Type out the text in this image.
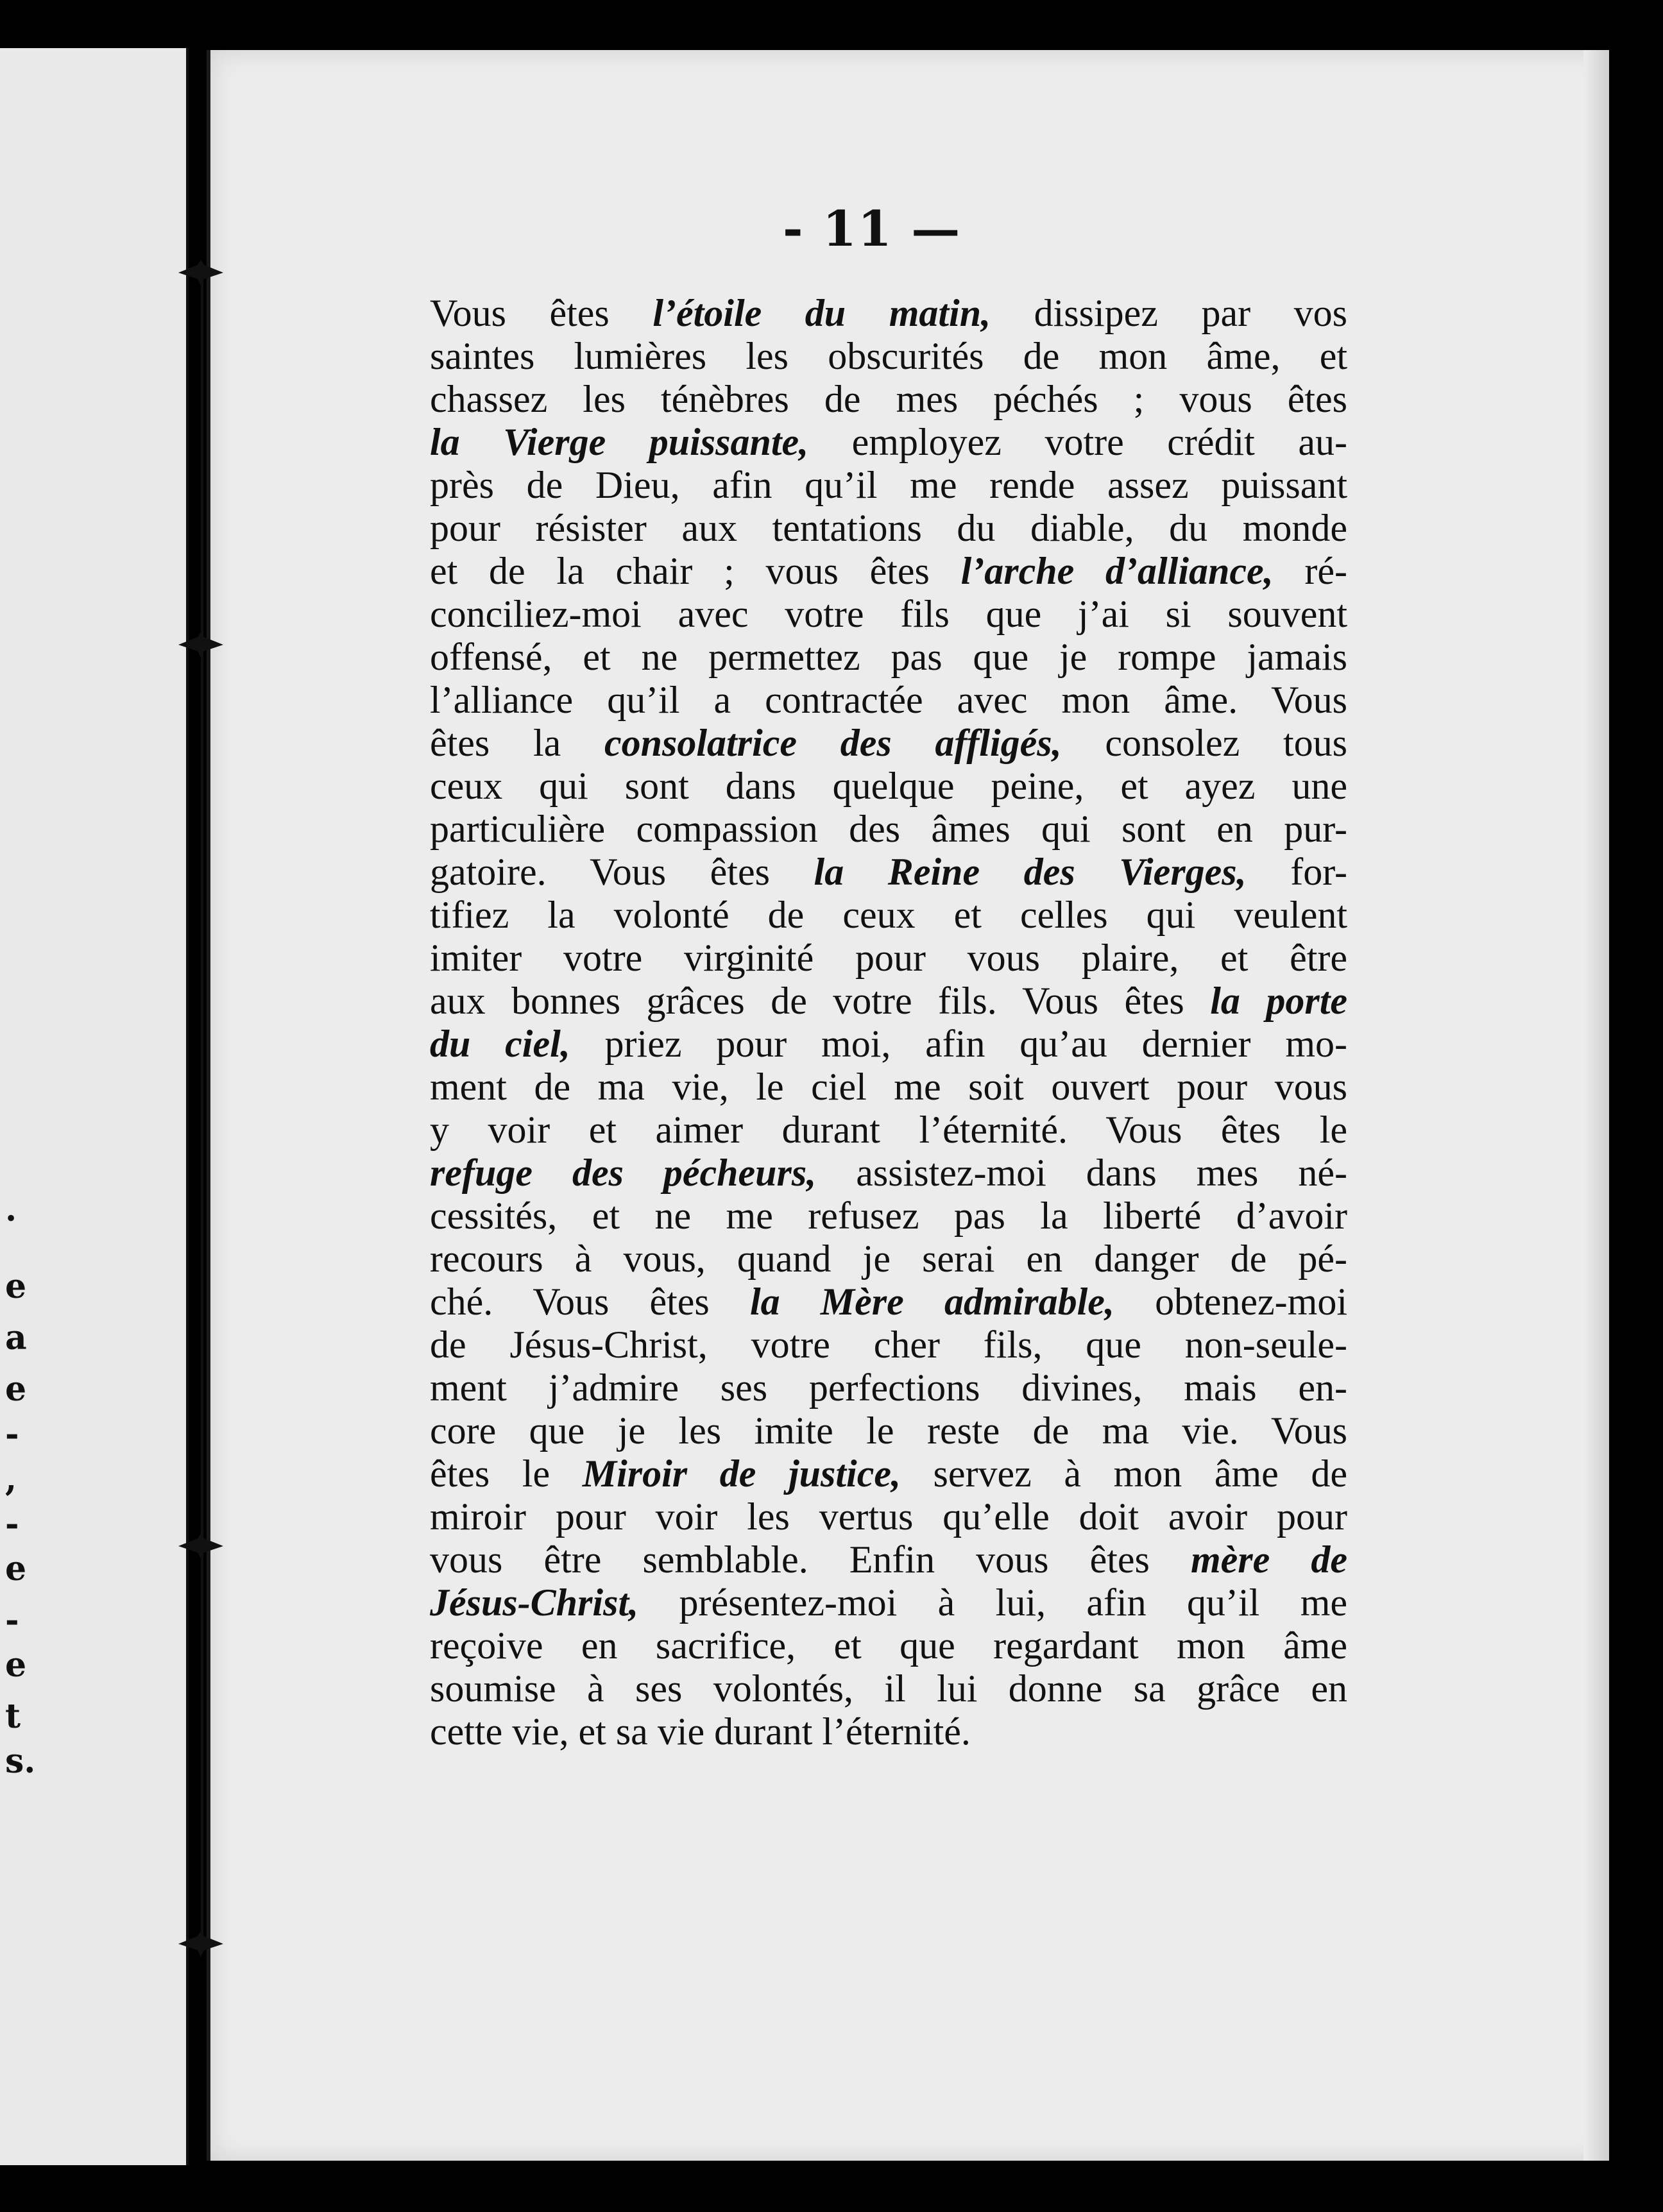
.
e
a
e
-
,
-
e
-
e
t
s.
- 11 —
Vous êtes l’étoile du matin, dissipez par vos
saintes lumières les obscurités de mon âme, et
chassez les ténèbres de mes péchés ; vous êtes
la Vierge puissante, employez votre crédit au-
près de Dieu, afin qu’il me rende assez puissant
pour résister aux tentations du diable, du monde
et de la chair ; vous êtes l’arche d’alliance, ré-
conciliez-moi avec votre fils que j’ai si souvent
offensé, et ne permettez pas que je rompe jamais
l’alliance qu’il a contractée avec mon âme. Vous
êtes la consolatrice des affligés, consolez tous
ceux qui sont dans quelque peine, et ayez une
particulière compassion des âmes qui sont en pur-
gatoire. Vous êtes la Reine des Vierges, for-
tifiez la volonté de ceux et celles qui veulent
imiter votre virginité pour vous plaire, et être
aux bonnes grâces de votre fils. Vous êtes la porte
du ciel, priez pour moi, afin qu’au dernier mo-
ment de ma vie, le ciel me soit ouvert pour vous
y voir et aimer durant l’éternité. Vous êtes le
refuge des pécheurs, assistez-moi dans mes né-
cessités, et ne me refusez pas la liberté d’avoir
recours à vous, quand je serai en danger de pé-
ché. Vous êtes la Mère admirable, obtenez-moi
de Jésus-Christ, votre cher fils, que non-seule-
ment j’admire ses perfections divines, mais en-
core que je les imite le reste de ma vie. Vous
êtes le Miroir de justice, servez à mon âme de
miroir pour voir les vertus qu’elle doit avoir pour
vous être semblable. Enfin vous êtes mère de
Jésus-Christ, présentez-moi à lui, afin qu’il me
reçoive en sacrifice, et que regardant mon âme
soumise à ses volontés, il lui donne sa grâce en
cette vie, et sa vie durant l’éternité.
